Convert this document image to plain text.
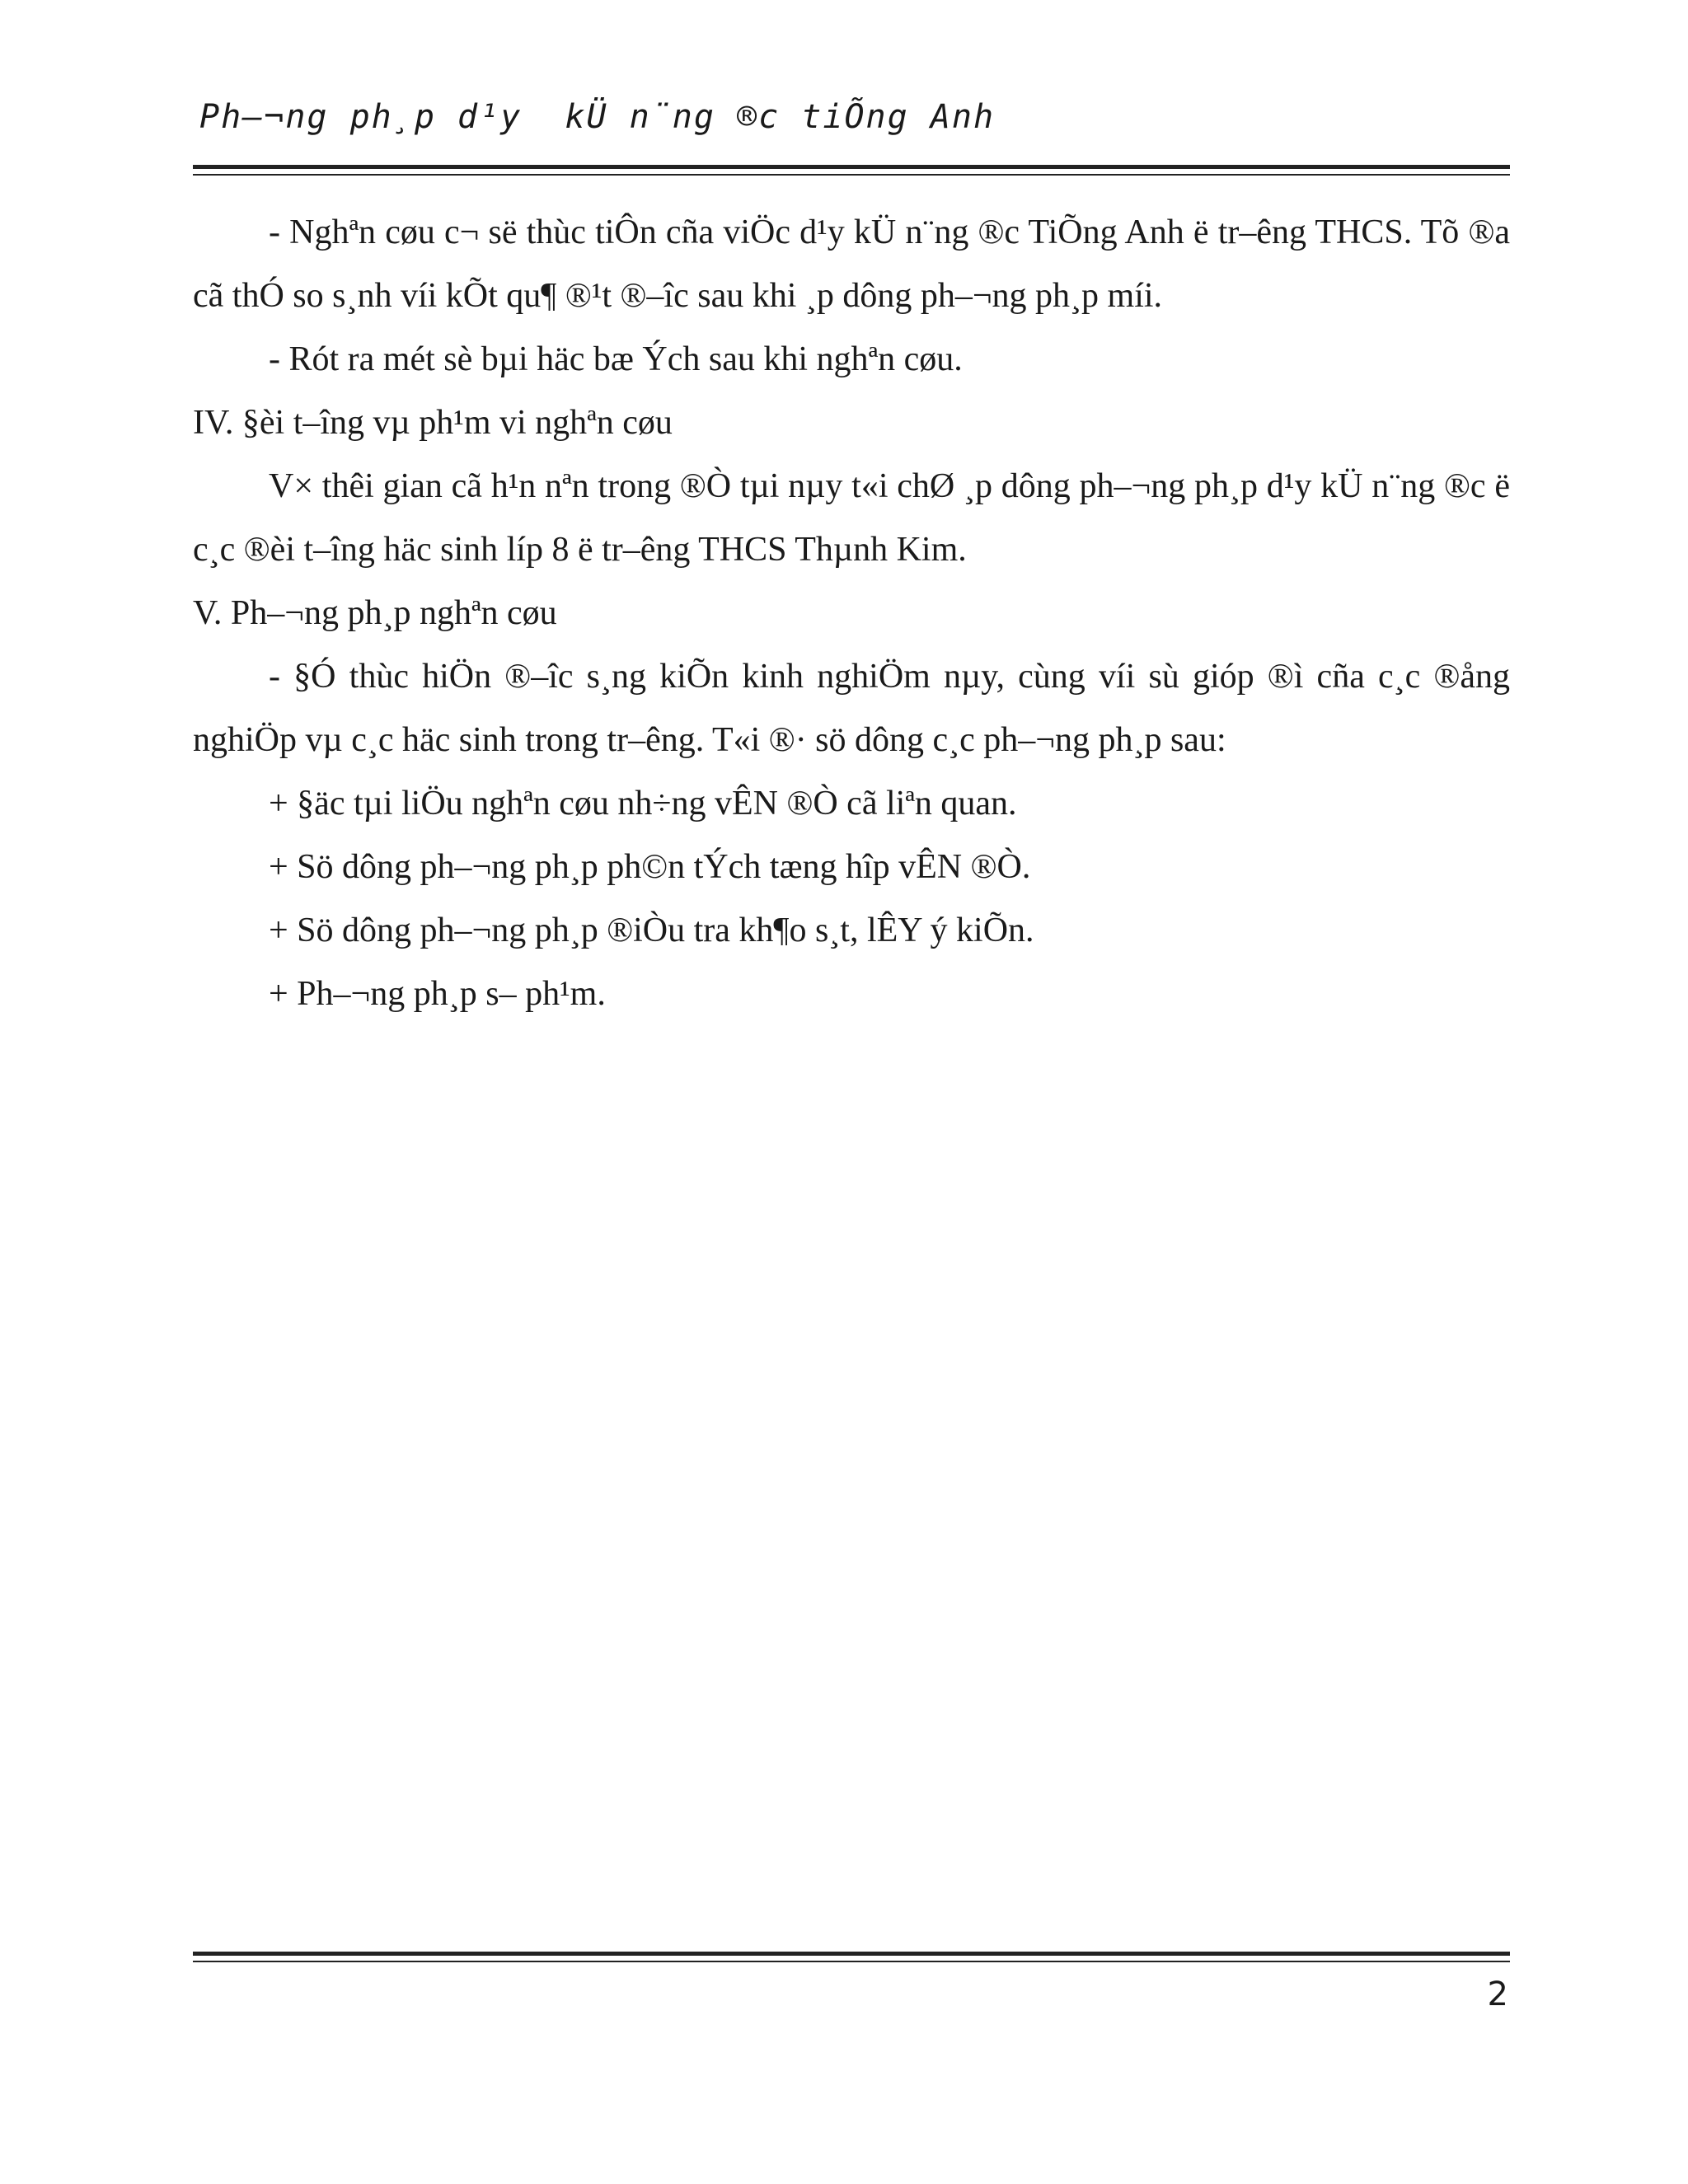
Ph–¬ng ph¸p d¹y  kÜ n¨ng ®c tiÕng Anh

- Nghªn cøu c¬ së thùc tiÔn cña viÖc d¹y kÜ n¨ng ®c TiÕng Anh ë tr–êng THCS. Tõ ®a cã thÓ so s¸nh víi kÕt qu¶ ®¹t ®–îc sau khi ¸p dông ph–¬ng ph¸p míi.

- Rót ra mét sè bµi häc bæ Ých sau khi nghªn cøu.

IV. §èi t–îng vµ ph¹m vi nghªn cøu

V× thêi gian cã h¹n nªn trong ®Ò tµi nµy t«i chØ ¸p dông ph–¬ng ph¸p d¹y kÜ n¨ng ®c ë c¸c ®èi t–îng häc sinh líp 8 ë tr–êng THCS Thµnh Kim.

V. Ph–¬ng ph¸p nghªn cøu

- §Ó thùc hiÖn ®–îc s¸ng kiÕn kinh nghiÖm nµy, cùng víi sù gióp ®ì cña c¸c ®ång nghiÖp vµ c¸c häc sinh trong tr–êng. T«i ®· sö dông c¸c ph–¬ng ph¸p sau:

+ §äc tµi liÖu nghªn cøu nh÷ng vÊN ®Ò cã liªn quan.

+ Sö dông ph–¬ng ph¸p ph©n tÝch tæng hîp vÊN ®Ò.

+ Sö dông ph–¬ng ph¸p ®iÒu tra kh¶o s¸t, lÊY ý kiÕn.

+ Ph–¬ng ph¸p s– ph¹m.

2
